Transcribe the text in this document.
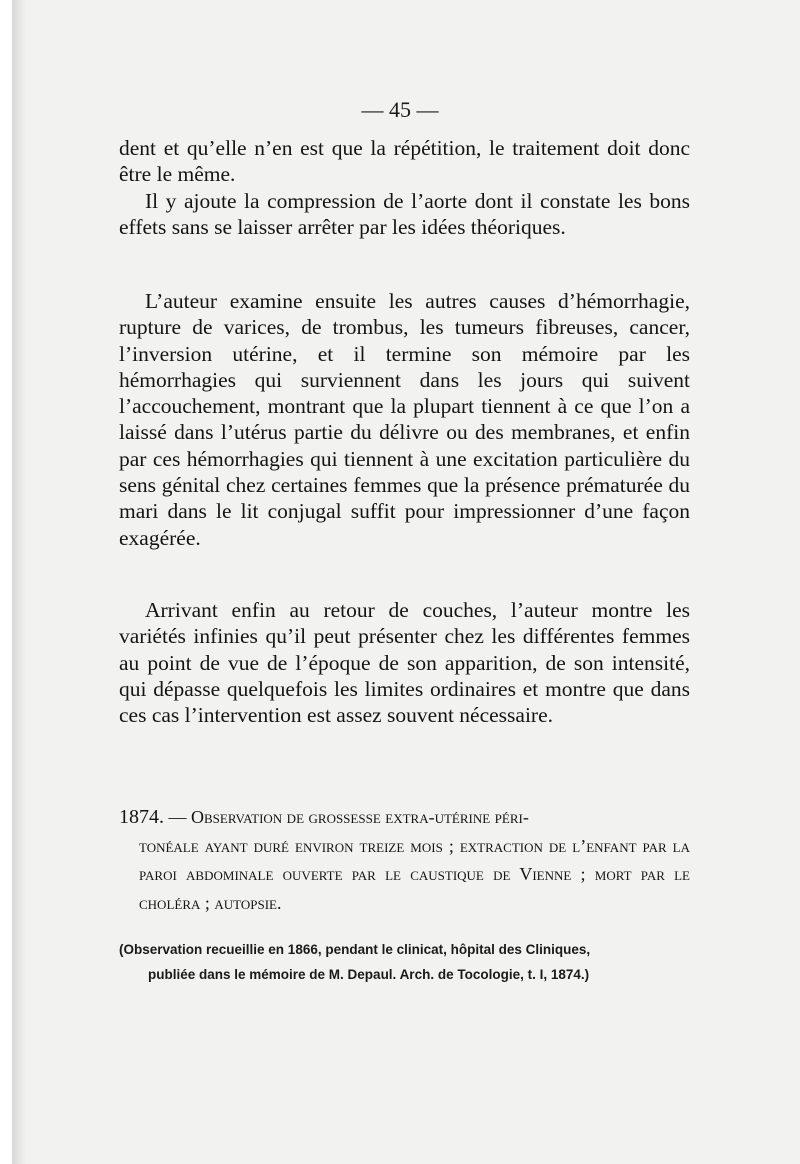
— 45 —

dent et qu’elle n’en est que la répétition, le traitement doit donc être le même.

Il y ajoute la compression de l’aorte dont il constate les bons effets sans se laisser arrêter par les idées théoriques.

L’auteur examine ensuite les autres causes d’hémorrhagie, rupture de varices, de trombus, les tumeurs fibreuses, cancer, l’inversion utérine, et il termine son mémoire par les hémorrhagies qui surviennent dans les jours qui suivent l’accouchement, montrant que la plupart tiennent à ce que l’on a laissé dans l’utérus partie du délivre ou des membranes, et enfin par ces hémorrhagies qui tiennent à une excitation particulière du sens génital chez certaines femmes que la présence prématurée du mari dans le lit conjugal suffit pour impressionner d’une façon exagérée.

Arrivant enfin au retour de couches, l’auteur montre les variétés infinies qu’il peut présenter chez les différentes femmes au point de vue de l’époque de son apparition, de son intensité, qui dépasse quelquefois les limites ordinaires et montre que dans ces cas l’intervention est assez souvent nécessaire.

1874. — Observation de grossesse extra-utérine péri-
tonéale ayant duré environ treize mois ; extraction de l’enfant par la paroi abdominale ouverte par le caustique de Vienne ; mort par le choléra ; autopsie.

(Observation recueillie en 1866, pendant le clinicat, hôpital des Cliniques,

publiée dans le mémoire de M. Depaul. Arch. de Tocologie, t. I, 1874.)
